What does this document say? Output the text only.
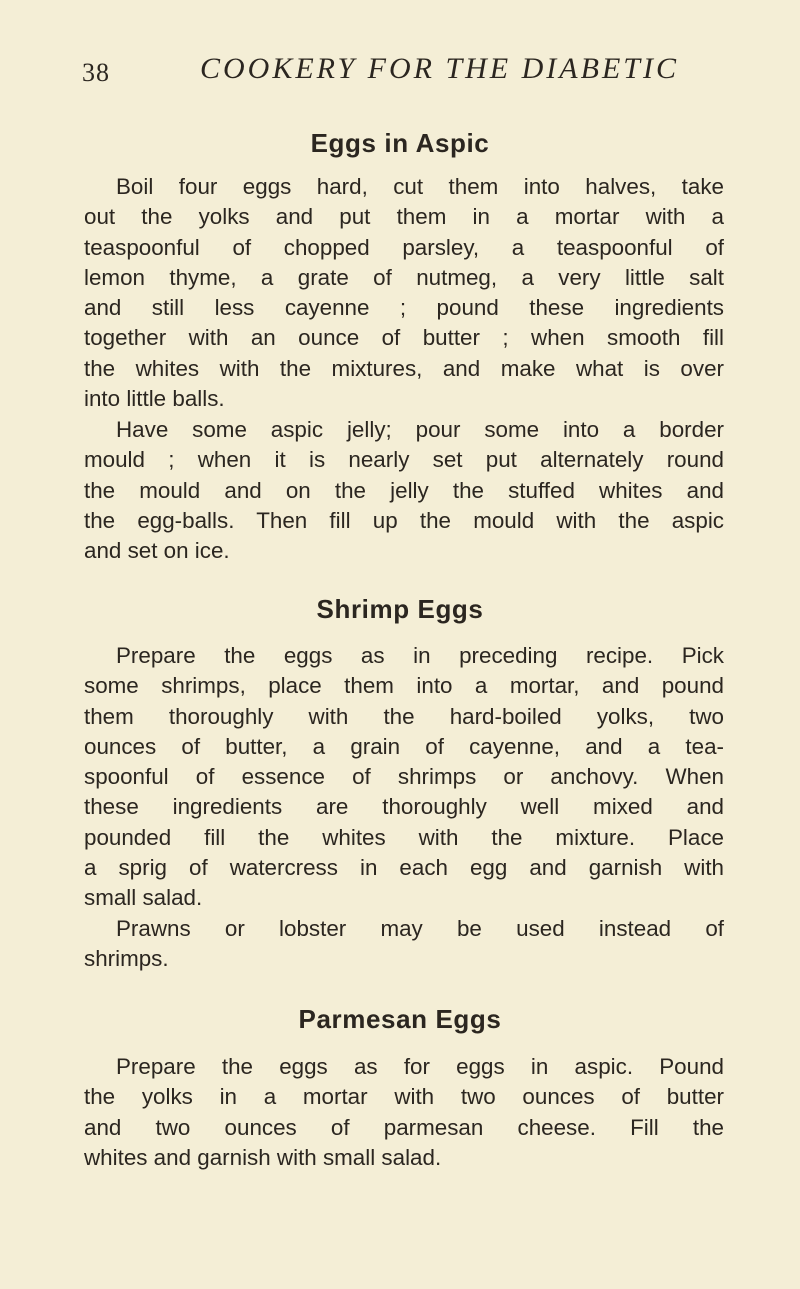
38	COOKERY FOR THE DIABETIC
Eggs in Aspic
Boil four eggs hard, cut them into halves, take
out the yolks and put them in a mortar with a
teaspoonful of chopped parsley, a teaspoonful of
lemon thyme, a grate of nutmeg, a very little salt
and still less cayenne ; pound these ingredients
together with an ounce of butter ; when smooth fill
the whites with the mixtures, and make what is over
into little balls.
Have some aspic jelly; pour some into a border
mould ; when it is nearly set put alternately round
the mould and on the jelly the stuffed whites and
the egg-balls. Then fill up the mould with the aspic
and set on ice.
Shrimp Eggs
Prepare the eggs as in preceding recipe. Pick
some shrimps, place them into a mortar, and pound
them thoroughly with the hard-boiled yolks, two
ounces of butter, a grain of cayenne, and a tea-
spoonful of essence of shrimps or anchovy. When
these ingredients are thoroughly well mixed and
pounded fill the whites with the mixture. Place
a sprig of watercress in each egg and garnish with
small salad.
Prawns or lobster may be used instead of
shrimps.
Parmesan Eggs
Prepare the eggs as for eggs in aspic. Pound
the yolks in a mortar with two ounces of butter
and two ounces of parmesan cheese. Fill the
whites and garnish with small salad.
